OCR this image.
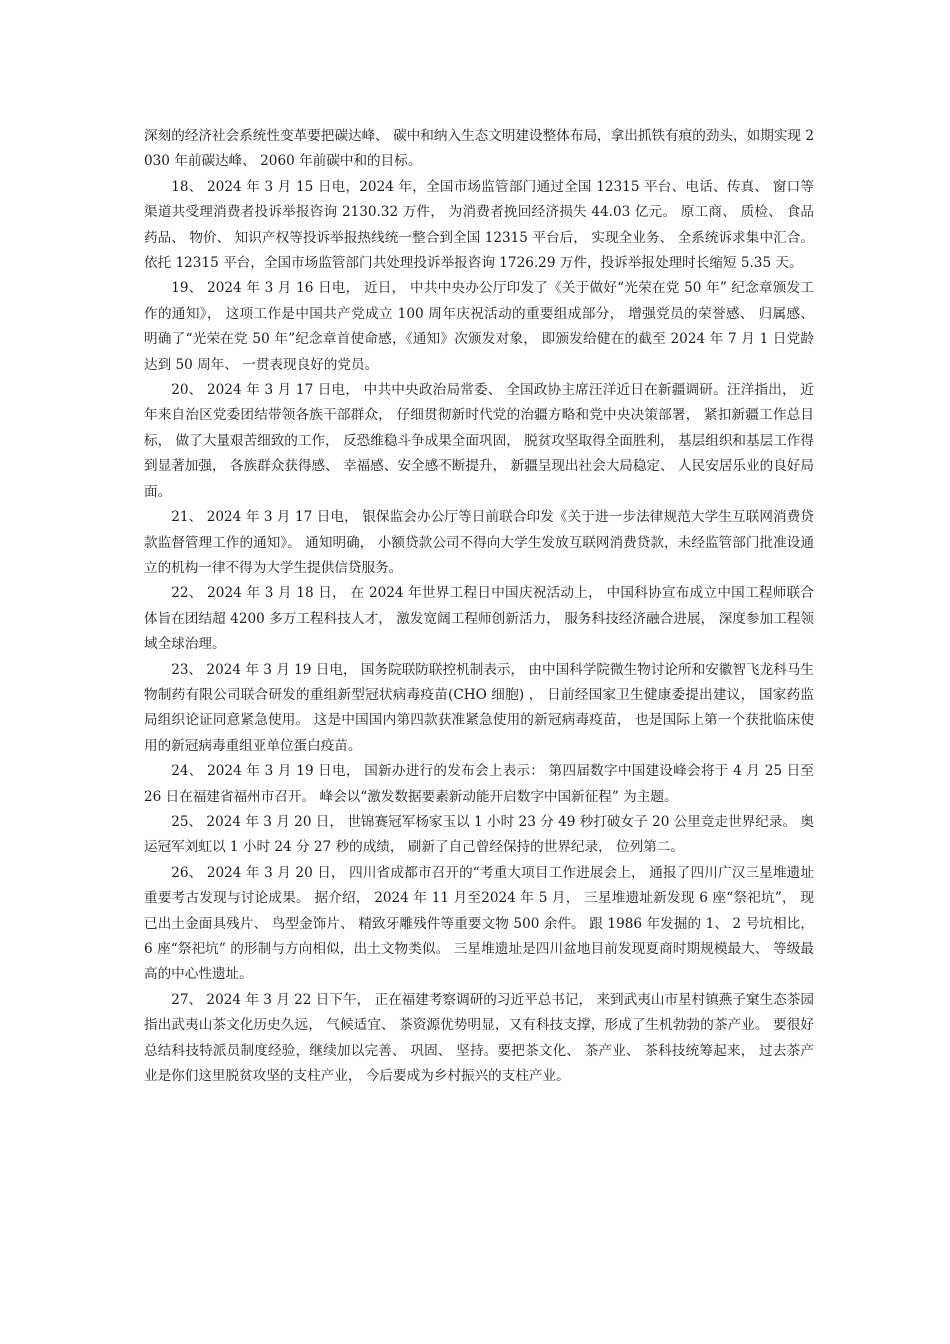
深刻的经济社会系统性变革要把碳达峰、 碳中和纳入生态文明建设整体布局，拿出抓铁有痕的劲头，如期实现 2030 年前碳达峰、 2060 年前碳中和的目标。

18、 2024 年 3 月 15 日电，2024 年，全国市场监管部门通过全国 12315 平台、电话、传真、 窗口等渠道共受理消费者投诉举报咨询 2130.32 万件， 为消费者挽回经济损失 44.03 亿元。 原工商、 质检、 食品药品、 物价、 知识产权等投诉举报热线统一整合到全国 12315 平台后， 实现全业务、 全系统诉求集中汇合。 依托 12315 平台，全国市场监管部门共处理投诉举报咨询 1726.29 万件，投诉举报处理时长缩短 5.35 天。

19、 2024 年 3 月 16 日电， 近日， 中共中央办公厅印发了《关于做好“光荣在党 50 年” 纪念章颁发工作的通知》， 这项工作是中国共产党成立 100 周年庆祝活动的重要组成部分， 增强党员的荣誉感、 归属感、 明确了“光荣在党 50 年”纪念章首使命感，《通知》次颁发对象， 即颁发给健在的截至 2024 年 7 月 1 日党龄达到 50 周年、 一贯表现良好的党员。

20、 2024 年 3 月 17 日电， 中共中央政治局常委、 全国政协主席汪洋近日在新疆调研。汪洋指出， 近年来自治区党委团结带领各族干部群众， 仔细贯彻新时代党的治疆方略和党中央决策部署， 紧扣新疆工作总目标， 做了大量艰苦细致的工作， 反恐维稳斗争成果全面巩固， 脱贫攻坚取得全面胜利， 基层组织和基层工作得到显著加强， 各族群众获得感、 幸福感、安全感不断提升， 新疆呈现出社会大局稳定、 人民安居乐业的良好局面。

21、 2024 年 3 月 17 日电， 银保监会办公厅等日前联合印发《关于进一步法律规范大学生互联网消费贷款监督管理工作的通知》。 通知明确， 小额贷款公司不得向大学生发放互联网消费贷款，未经监管部门批准设通立的机构一律不得为大学生提供信贷服务。

22、 2024 年 3 月 18 日， 在 2024 年世界工程日中国庆祝活动上， 中国科协宣布成立中国工程师联合体旨在团结超 4200 多万工程科技人才， 激发宽阔工程师创新活力， 服务科技经济融合进展， 深度参加工程领域全球治理。

23、 2024 年 3 月 19 日电， 国务院联防联控机制表示， 由中国科学院微生物讨论所和安徽智飞龙科马生物制药有限公司联合研发的重组新型冠状病毒疫苗(CHO 细胞) ， 日前经国家卫生健康委提出建议， 国家药监局组织论证同意紧急使用。 这是中国国内第四款获准紧急使用的新冠病毒疫苗， 也是国际上第一个获批临床使用的新冠病毒重组亚单位蛋白疫苗。

24、 2024 年 3 月 19 日电， 国新办进行的发布会上表示： 第四届数字中国建设峰会将于 4 月 25 日至 26 日在福建省福州市召开。 峰会以“激发数据要素新动能开启数字中国新征程” 为主题。

25、 2024 年 3 月 20 日， 世锦赛冠军杨家玉以 1 小时 23 分 49 秒打破女子 20 公里竞走世界纪录。 奥运冠军刘虹以 1 小时 24 分 27 秒的成绩， 刷新了自己曾经保持的世界纪录， 位列第二。

26、 2024 年 3 月 20 日， 四川省成都市召开的“考重大项目工作进展会上， 通报了四川广汉三星堆遗址重要考古发现与讨论成果。 据介绍， 2024 年 11 月至2024 年 5 月， 三星堆遗址新发现 6 座“祭祀坑”， 现已出土金面具残片、 鸟型金饰片、 精致牙雕残件等重要文物 500 余件。 跟 1986 年发掘的 1、 2 号坑相比，6 座“祭祀坑” 的形制与方向相似，出土文物类似。 三星堆遗址是四川盆地目前发现夏商时期规模最大、 等级最高的中心性遗址。

27、 2024 年 3 月 22 日下午， 正在福建考察调研的习近平总书记， 来到武夷山市星村镇燕子窠生态茶园指出武夷山茶文化历史久远， 气候适宜、 茶资源优势明显，又有科技支撑，形成了生机勃勃的茶产业。 要很好总结科技特派员制度经验，继续加以完善、 巩固、 坚持。要把茶文化、 茶产业、 茶科技统筹起来， 过去茶产业是你们这里脱贫攻坚的支柱产业， 今后要成为乡村振兴的支柱产业。
